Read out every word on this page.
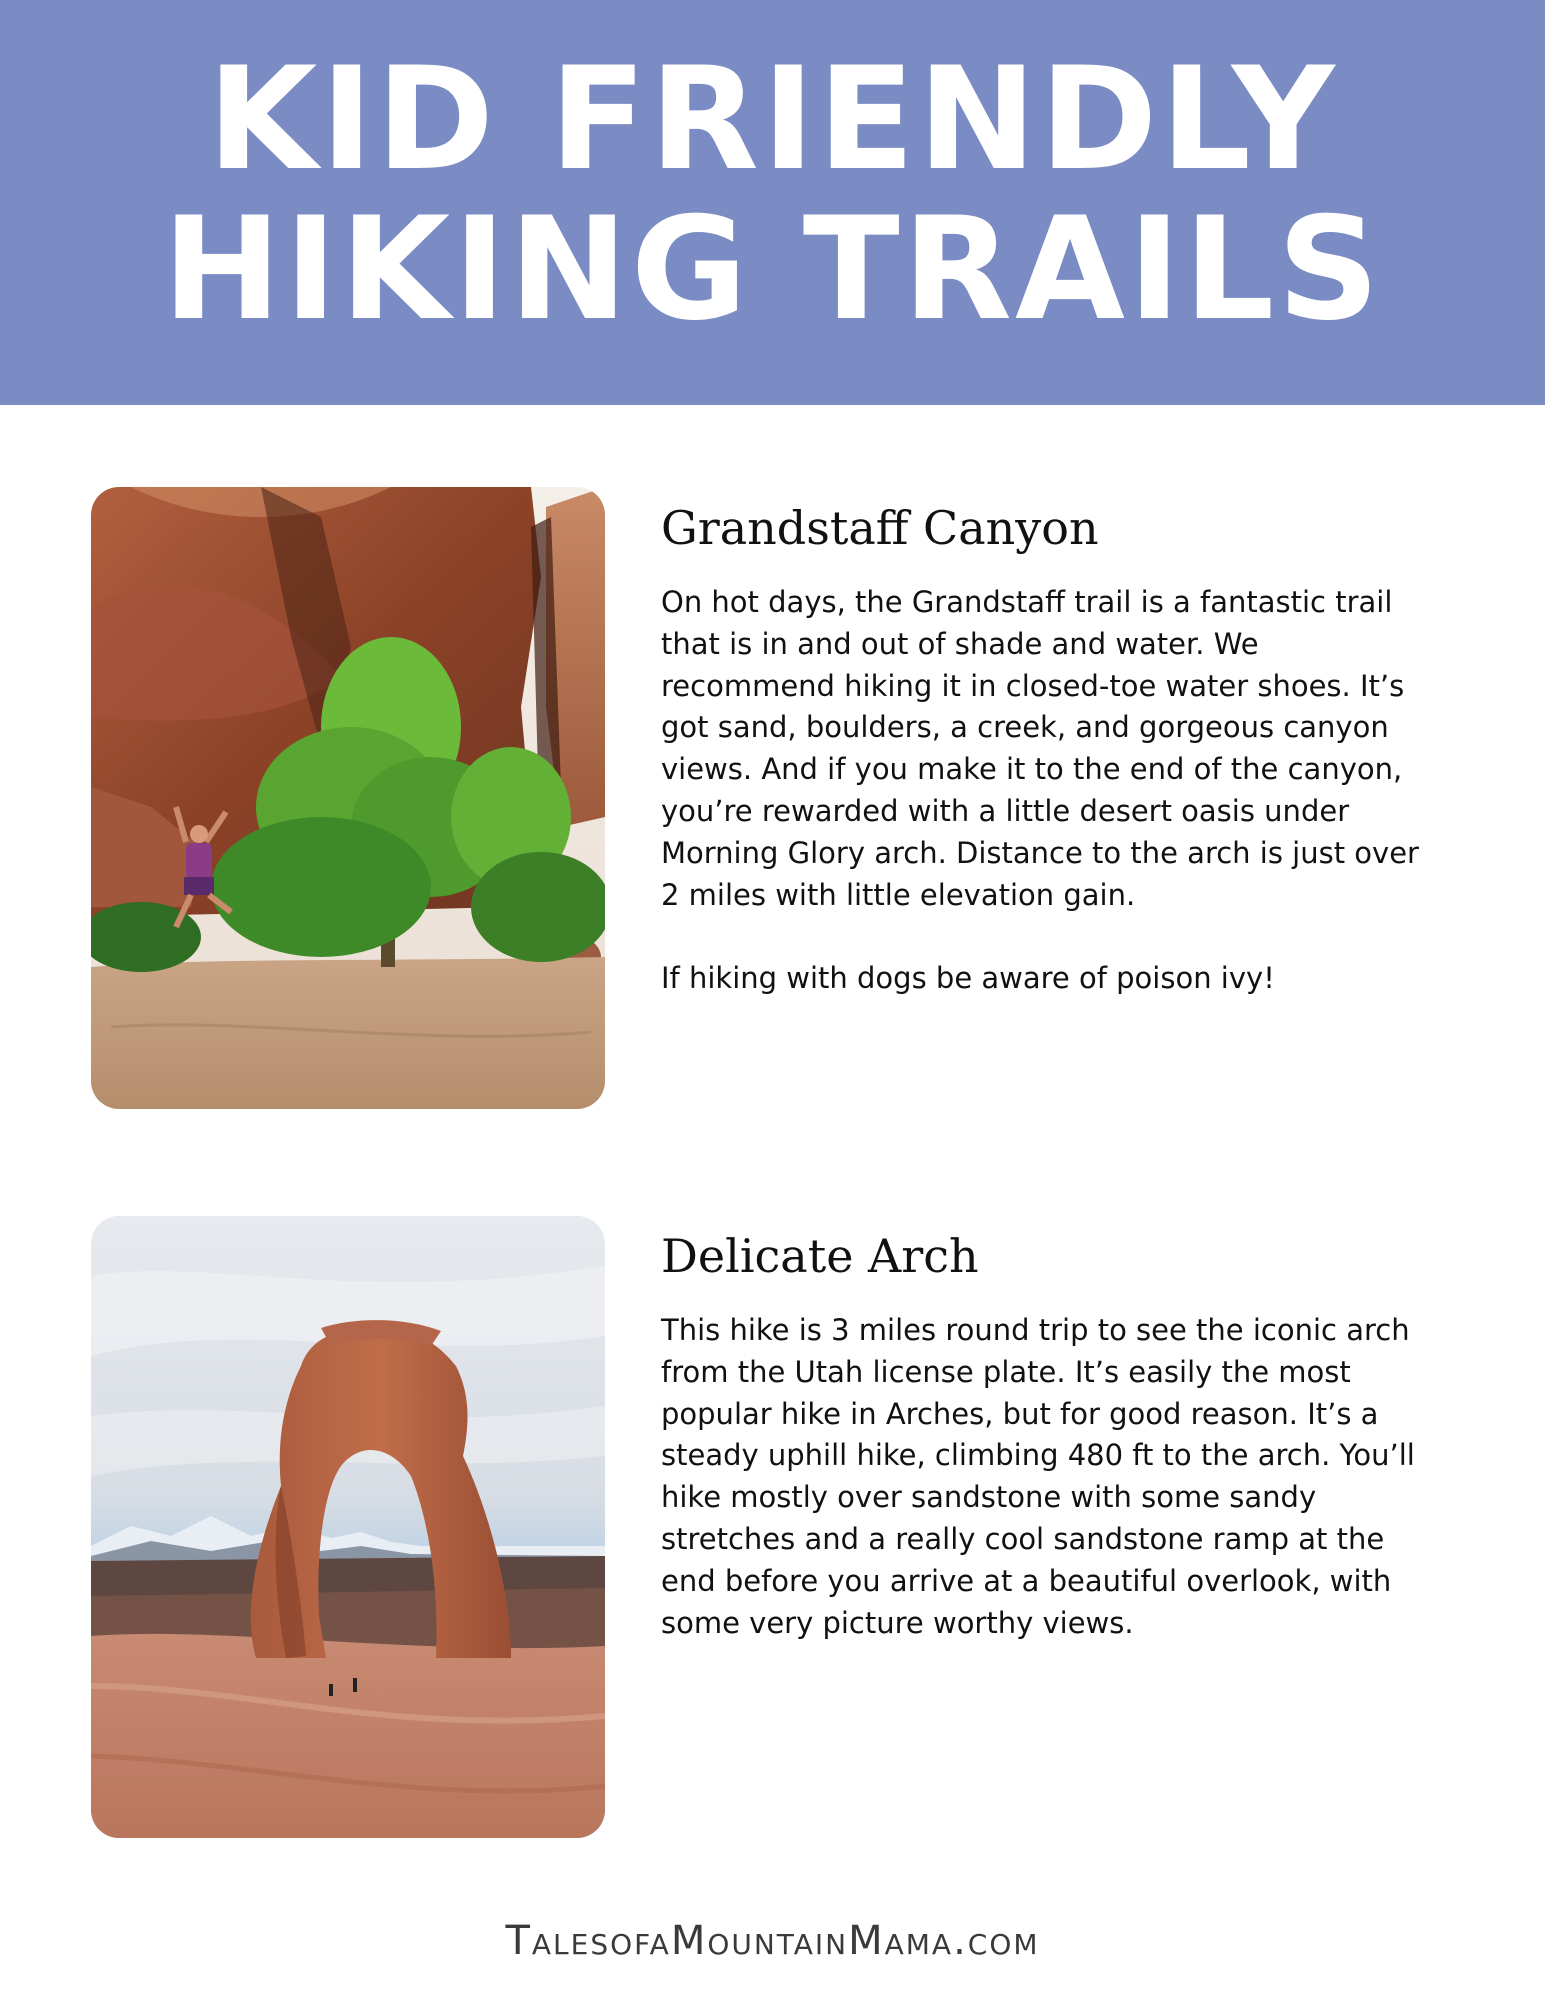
KID FRIENDLY
HIKING TRAILS
Grandstaff Canyon

On hot days, the Grandstaff trail is a fantastic trail that is in and out of shade and water. We recommend hiking it in closed-toe water shoes. It’s got sand, boulders, a creek, and gorgeous canyon views. And if you make it to the end of the canyon, you’re rewarded with a little desert oasis under Morning Glory arch. Distance to the arch is just over 2 miles with little elevation gain.

If hiking with dogs be aware of poison ivy!

Delicate Arch

This hike is 3 miles round trip to see the iconic arch from the Utah license plate. It’s easily the most popular hike in Arches, but for good reason. It’s a steady uphill hike, climbing 480 ft to the arch. You’ll hike mostly over sandstone with some sandy stretches and a really cool sandstone ramp at the end before you arrive at a beautiful overlook, with some very picture worthy views.

TalesofaMountainMama.com
